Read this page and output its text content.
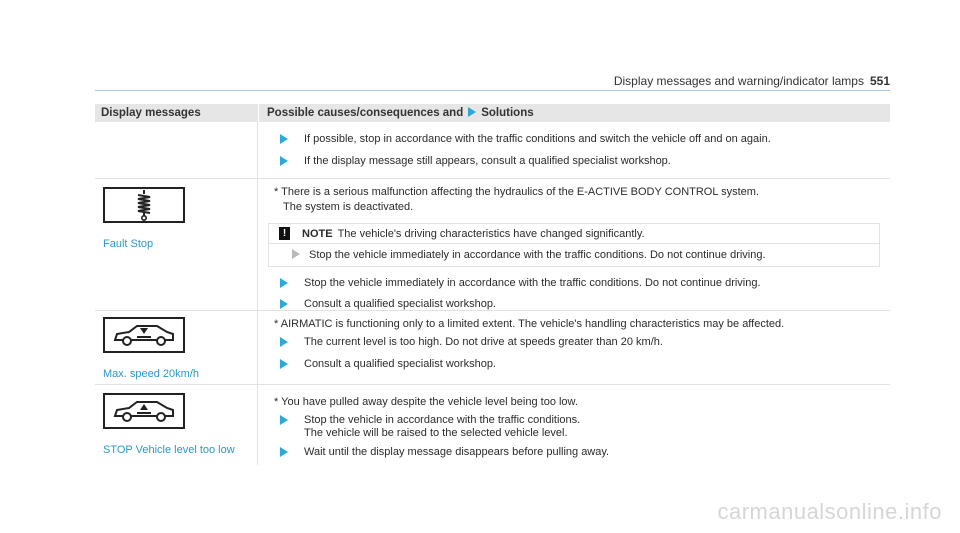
Display messages and warning/indicator lamps 551
Display messages	Possible causes/consequences and Solutions
If possible, stop in accordance with the traffic conditions and switch the vehicle off and on again.
If the display message still appears, consult a qualified specialist workshop.
Fault Stop
* There is a serious malfunction affecting the hydraulics of the E-ACTIVE BODY CONTROL system.
The system is deactivated.
!	NOTE The vehicle's driving characteristics have changed significantly.
Stop the vehicle immediately in accordance with the traffic conditions. Do not continue driving.
Stop the vehicle immediately in accordance with the traffic conditions. Do not continue driving.
Consult a qualified specialist workshop.
Max. speed 20km/h
* AIRMATIC is functioning only to a limited extent. The vehicle's handling characteristics may be affected.
The current level is too high. Do not drive at speeds greater than 20 km/h.
Consult a qualified specialist workshop.
STOP Vehicle level too low
* You have pulled away despite the vehicle level being too low.
Stop the vehicle in accordance with the traffic conditions.
The vehicle will be raised to the selected vehicle level.
Wait until the display message disappears before pulling away.
carmanualsonline.info
